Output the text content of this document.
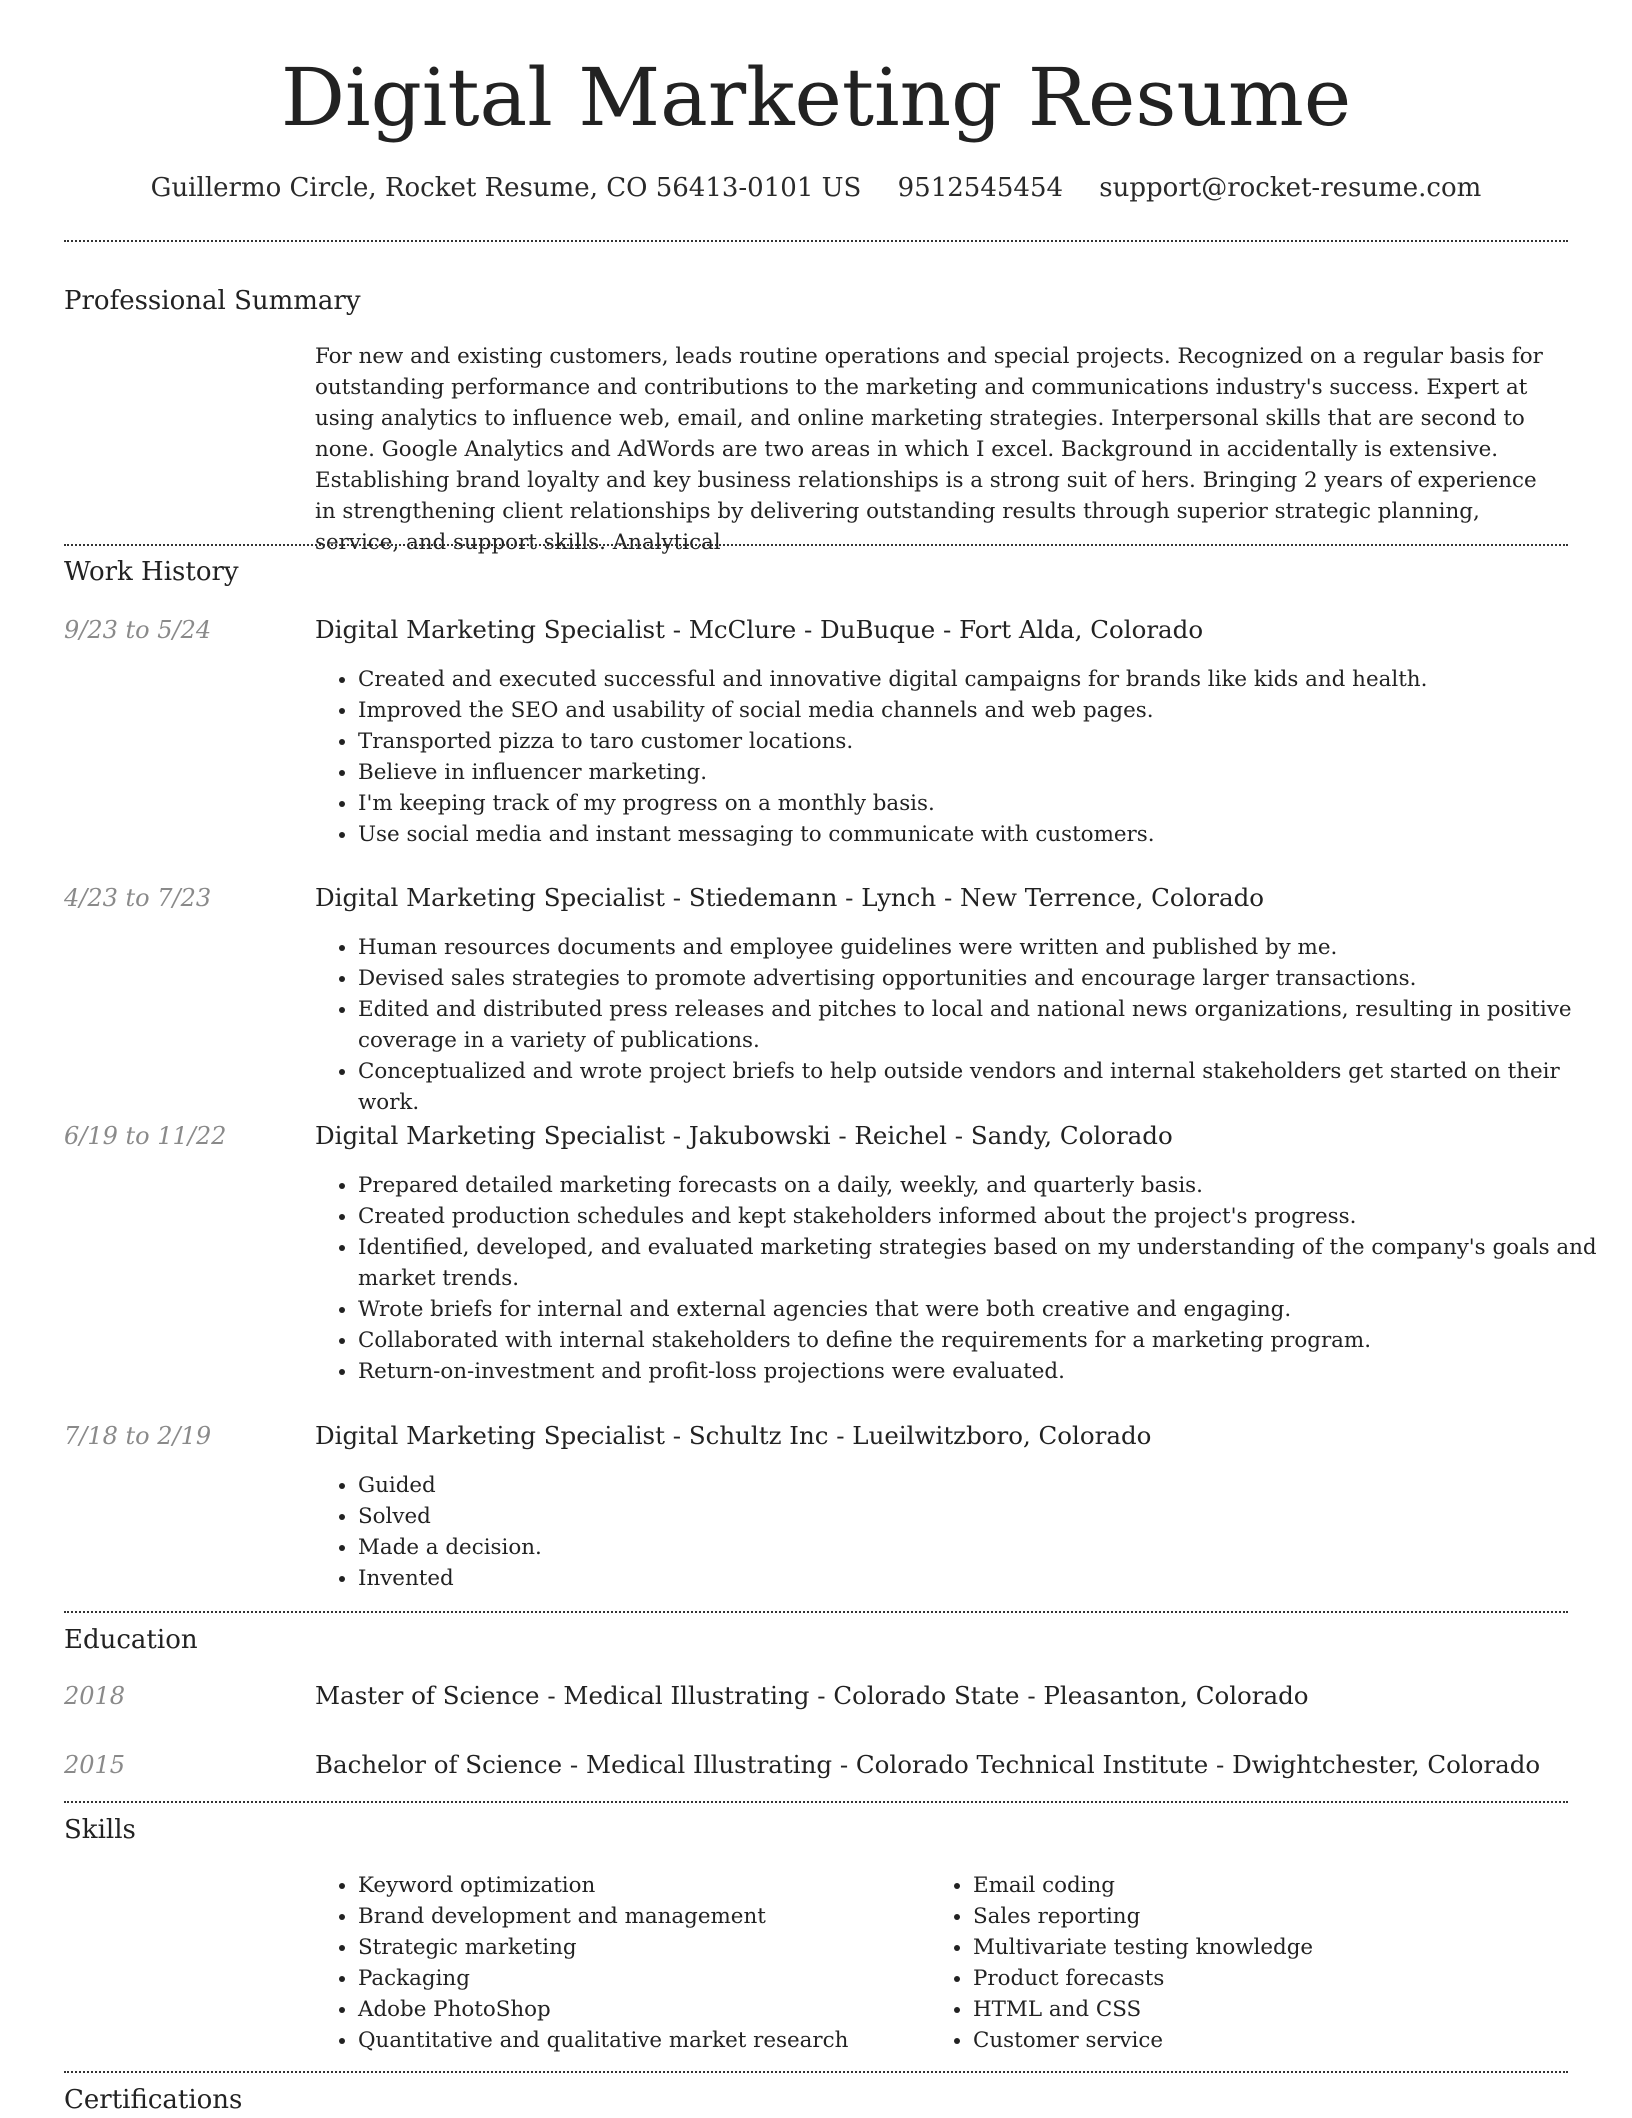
Digital Marketing Resume
Guillermo Circle, Rocket Resume, CO 56413-0101 US 9512545454 support@rocket-resume.com
Professional Summary

For new and existing customers, leads routine operations and special projects. Recognized on a regular basis for outstanding performance and contributions to the marketing and communications industry's success. Expert at using analytics to influence web, email, and online marketing strategies. Interpersonal skills that are second to none. Google Analytics and AdWords are two areas in which I excel. Background in accidentally is extensive. Establishing brand loyalty and key business relationships is a strong suit of hers. Bringing 2 years of experience in strengthening client relationships by delivering outstanding results through superior strategic planning, service, and support skills. Analytical

Work History
9/23 to 5/24	Digital Marketing Specialist - McClure - DuBuque - Fort Alda, Colorado
• Created and executed successful and innovative digital campaigns for brands like kids and health.
• Improved the SEO and usability of social media channels and web pages.
• Transported pizza to taro customer locations.
• Believe in influencer marketing.
• I'm keeping track of my progress on a monthly basis.
• Use social media and instant messaging to communicate with customers.
4/23 to 7/23	Digital Marketing Specialist - Stiedemann - Lynch - New Terrence, Colorado
• Human resources documents and employee guidelines were written and published by me.
• Devised sales strategies to promote advertising opportunities and encourage larger transactions.
• Edited and distributed press releases and pitches to local and national news organizations, resulting in positive coverage in a variety of publications.
• Conceptualized and wrote project briefs to help outside vendors and internal stakeholders get started on their work.
6/19 to 11/22	Digital Marketing Specialist - Jakubowski - Reichel - Sandy, Colorado
• Prepared detailed marketing forecasts on a daily, weekly, and quarterly basis.
• Created production schedules and kept stakeholders informed about the project's progress.
• Identified, developed, and evaluated marketing strategies based on my understanding of the company's goals and market trends.
• Wrote briefs for internal and external agencies that were both creative and engaging.
• Collaborated with internal stakeholders to define the requirements for a marketing program.
• Return-on-investment and profit-loss projections were evaluated.
7/18 to 2/19	Digital Marketing Specialist - Schultz Inc - Lueilwitzboro, Colorado
• Guided
• Solved
• Made a decision.
• Invented
Education
2018	Master of Science - Medical Illustrating - Colorado State - Pleasanton, Colorado
2015	Bachelor of Science - Medical Illustrating - Colorado Technical Institute - Dwightchester, Colorado
Skills
• Keyword optimization
• Brand development and management
• Strategic marketing
• Packaging
• Adobe PhotoShop
• Quantitative and qualitative market research
• Email coding
• Sales reporting
• Multivariate testing knowledge
• Product forecasts
• HTML and CSS
• Customer service
Certifications
